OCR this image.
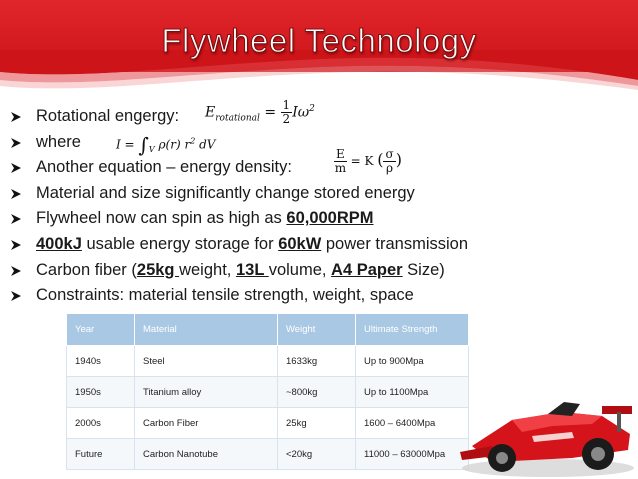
Flywheel Technology
Rotational engergy:
where
Another equation – energy density:
Material and size significantly change stored energy
Flywheel now can spin as high as 60,000RPM
400kJ usable energy storage for 60kW power transmission
Carbon fiber (25kg weight, 13L volume, A4 Paper Size)
Constraints: material tensile strength, weight, space
$E_{rotational} = \frac{1}{2} I\omega^2$
$I = \int_V$ ρ(r) $r^2$ dV
$\frac{E}{m} = K$ ( $\frac{\sigma}{\rho}$ )
Year	Material	Weight	Ultimate Strength
1940s	Steel	1633kg	Up to 900Mpa
1950s	Titanium alloy	~800kg	Up to 1100Mpa
2000s	Carbon Fiber	25kg	1600 – 6400Mpa
Future	Carbon Nanotube	<20kg	11000 – 63000Mpa
